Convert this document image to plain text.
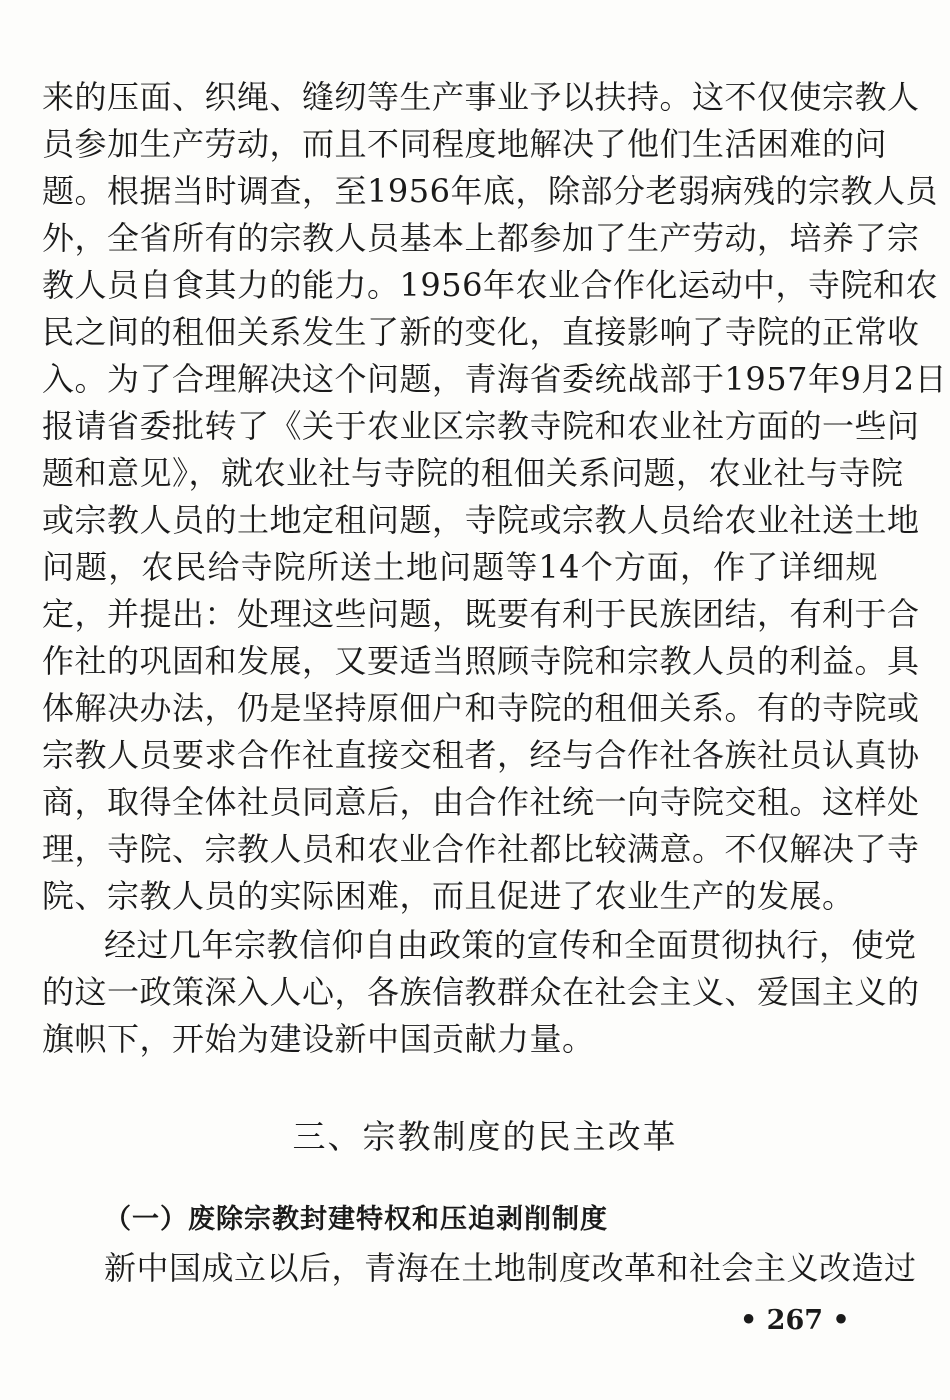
来的压面、织绳、缝纫等生产事业予以扶持。这不仅使宗教人
员参加生产劳动，而且不同程度地解决了他们生活困难的问
题。根据当时调查，至1956年底，除部分老弱病残的宗教人员
外，全省所有的宗教人员基本上都参加了生产劳动，培养了宗
教人员自食其力的能力。1956年农业合作化运动中，寺院和农
民之间的租佃关系发生了新的变化，直接影响了寺院的正常收
入。为了合理解决这个问题，青海省委统战部于1957年9月2日
报请省委批转了《关于农业区宗教寺院和农业社方面的一些问
题和意见》，就农业社与寺院的租佃关系问题，农业社与寺院
或宗教人员的土地定租问题，寺院或宗教人员给农业社送土地
问题，农民给寺院所送土地问题等14个方面，作了详细规
定，并提出：处理这些问题，既要有利于民族团结，有利于合
作社的巩固和发展，又要适当照顾寺院和宗教人员的利益。具
体解决办法，仍是坚持原佃户和寺院的租佃关系。有的寺院或
宗教人员要求合作社直接交租者，经与合作社各族社员认真协
商，取得全体社员同意后，由合作社统一向寺院交租。这样处
理，寺院、宗教人员和农业合作社都比较满意。不仅解决了寺
院、宗教人员的实际困难，而且促进了农业生产的发展。
经过几年宗教信仰自由政策的宣传和全面贯彻执行，使党
的这一政策深入人心，各族信教群众在社会主义、爱国主义的
旗帜下，开始为建设新中国贡献力量。
三、宗教制度的民主改革
（一）废除宗教封建特权和压迫剥削制度
新中国成立以后，青海在土地制度改革和社会主义改造过
• 267 •
